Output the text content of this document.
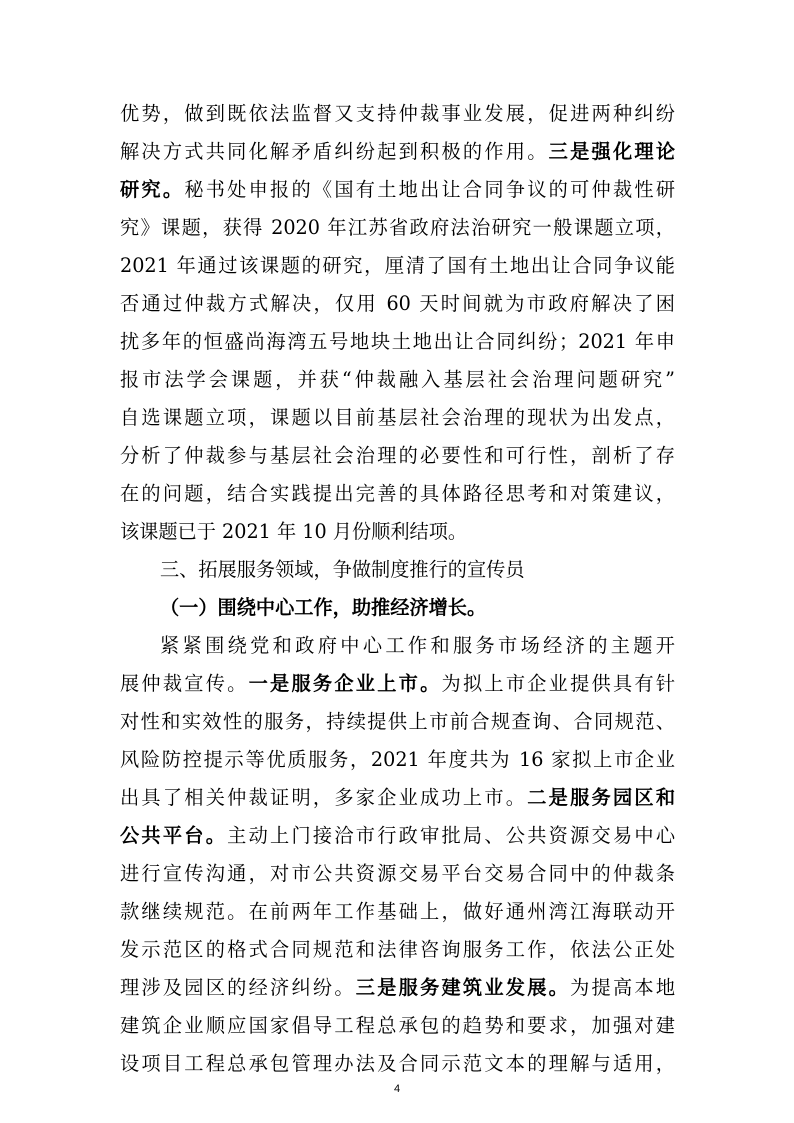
优势，做到既依法监督又支持仲裁事业发展，促进两种纠纷
解决方式共同化解矛盾纠纷起到积极的作用。三是强化理论
研究。秘书处申报的《国有土地出让合同争议的可仲裁性研
究》课题，获得 2020 年江苏省政府法治研究一般课题立项，
2021 年通过该课题的研究，厘清了国有土地出让合同争议能
否通过仲裁方式解决，仅用 60 天时间就为市政府解决了困
扰多年的恒盛尚海湾五号地块土地出让合同纠纷；2021 年申
报市法学会课题，并获“仲裁融入基层社会治理问题研究”
自选课题立项，课题以目前基层社会治理的现状为出发点，
分析了仲裁参与基层社会治理的必要性和可行性，剖析了存
在的问题，结合实践提出完善的具体路径思考和对策建议，
该课题已于 2021 年 10 月份顺利结项。
三、拓展服务领域，争做制度推行的宣传员
（一）围绕中心工作，助推经济增长。
紧紧围绕党和政府中心工作和服务市场经济的主题开
展仲裁宣传。一是服务企业上市。为拟上市企业提供具有针
对性和实效性的服务，持续提供上市前合规查询、合同规范、
风险防控提示等优质服务，2021 年度共为 16 家拟上市企业
出具了相关仲裁证明，多家企业成功上市。二是服务园区和
公共平台。主动上门接洽市行政审批局、公共资源交易中心
进行宣传沟通，对市公共资源交易平台交易合同中的仲裁条
款继续规范。在前两年工作基础上，做好通州湾江海联动开
发示范区的格式合同规范和法律咨询服务工作，依法公正处
理涉及园区的经济纠纷。三是服务建筑业发展。为提高本地
建筑企业顺应国家倡导工程总承包的趋势和要求，加强对建
设项目工程总承包管理办法及合同示范文本的理解与适用，
4
